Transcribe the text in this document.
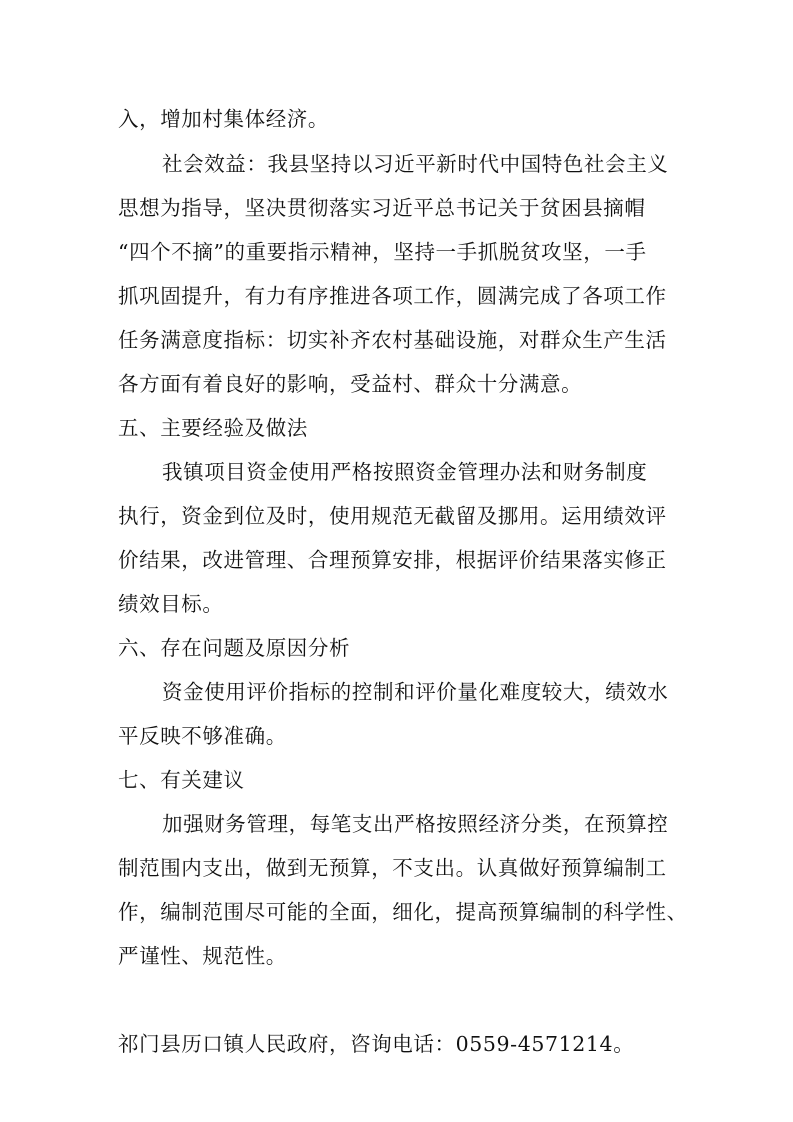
入，增加村集体经济。
社会效益：我县坚持以习近平新时代中国特色社会主义
思想为指导，坚决贯彻落实习近平总书记关于贫困县摘帽
“四个不摘”的重要指示精神，坚持一手抓脱贫攻坚，一手
抓巩固提升，有力有序推进各项工作，圆满完成了各项工作
任务满意度指标：切实补齐农村基础设施，对群众生产生活
各方面有着良好的影响，受益村、群众十分满意。
五、主要经验及做法
我镇项目资金使用严格按照资金管理办法和财务制度
执行，资金到位及时，使用规范无截留及挪用。运用绩效评
价结果，改进管理、合理预算安排，根据评价结果落实修正
绩效目标。
六、存在问题及原因分析
资金使用评价指标的控制和评价量化难度较大，绩效水
平反映不够准确。
七、有关建议
加强财务管理，每笔支出严格按照经济分类，在预算控
制范围内支出，做到无预算，不支出。认真做好预算编制工
作，编制范围尽可能的全面，细化，提高预算编制的科学性、
严谨性、规范性。
祁门县历口镇人民政府，咨询电话：0559-4571214。
